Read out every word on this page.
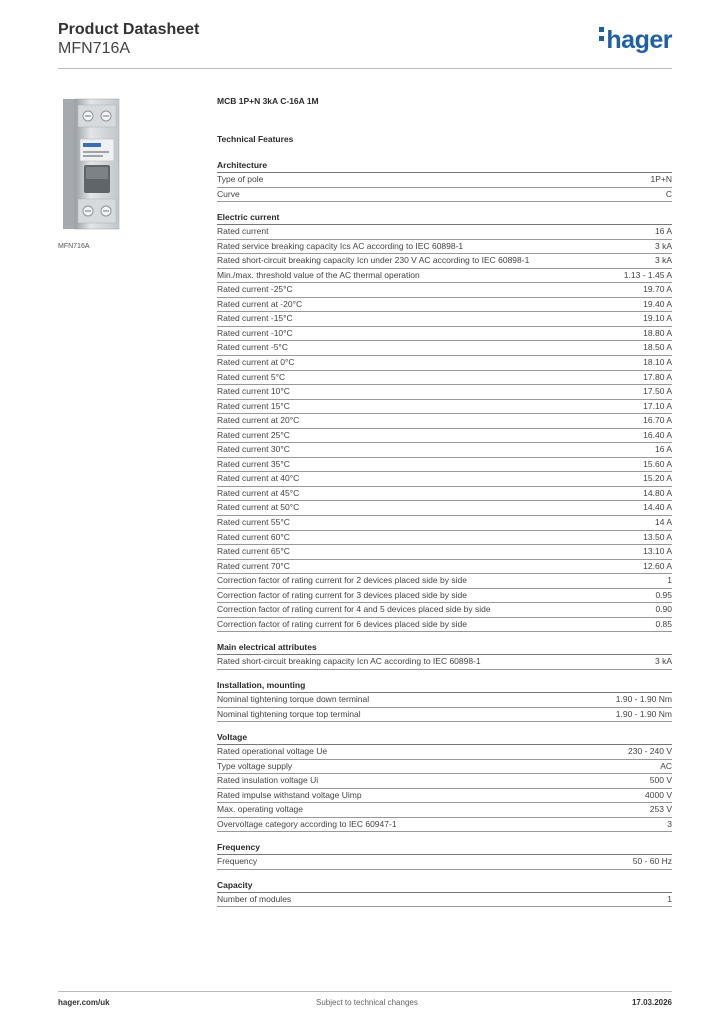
Product Datasheet
MFN716A	hager
MFN716A
MCB 1P+N 3kA C-16A 1M
Technical Features
Architecture
Type of pole	1P+N
Curve	C
Electric current
Rated current	16 A
Rated service breaking capacity Ics AC according to IEC 60898-1	3 kA
Rated short-circuit breaking capacity Icn under 230 V AC according to IEC 60898-1	3 kA
Min./max. threshold value of the AC thermal operation	1.13 - 1.45 A
Rated current -25°C	19.70 A
Rated current at -20°C	19.40 A
Rated current -15°C	19.10 A
Rated current -10°C	18.80 A
Rated current -5°C	18.50 A
Rated current at 0°C	18.10 A
Rated current 5°C	17.80 A
Rated current 10°C	17.50 A
Rated current 15°C	17.10 A
Rated current at 20°C	16.70 A
Rated current 25°C	16.40 A
Rated current 30°C	16 A
Rated current 35°C	15.60 A
Rated current at 40°C	15.20 A
Rated current at 45°C	14.80 A
Rated current at 50°C	14.40 A
Rated current 55°C	14 A
Rated current 60°C	13.50 A
Rated current 65°C	13.10 A
Rated current 70°C	12.60 A
Correction factor of rating current for 2 devices placed side by side	1
Correction factor of rating current for 3 devices placed side by side	0.95
Correction factor of rating current for 4 and 5 devices placed side by side	0.90
Correction factor of rating current for 6 devices placed side by side	0.85
Main electrical attributes
Rated short-circuit breaking capacity Icn AC according to IEC 60898-1	3 kA
Installation, mounting
Nominal tightening torque down terminal	1.90 - 1.90 Nm
Nominal tightening torque top terminal	1.90 - 1.90 Nm
Voltage
Rated operational voltage Ue	230 - 240 V
Type voltage supply	AC
Rated insulation voltage Ui	500 V
Rated impulse withstand voltage Uimp	4000 V
Max. operating voltage	253 V
Overvoltage category according to IEC 60947-1	3
Frequency
Frequency	50 - 60 Hz
Capacity
Number of modules	1
hager.com/uk	Subject to technical changes	17.03.2026
